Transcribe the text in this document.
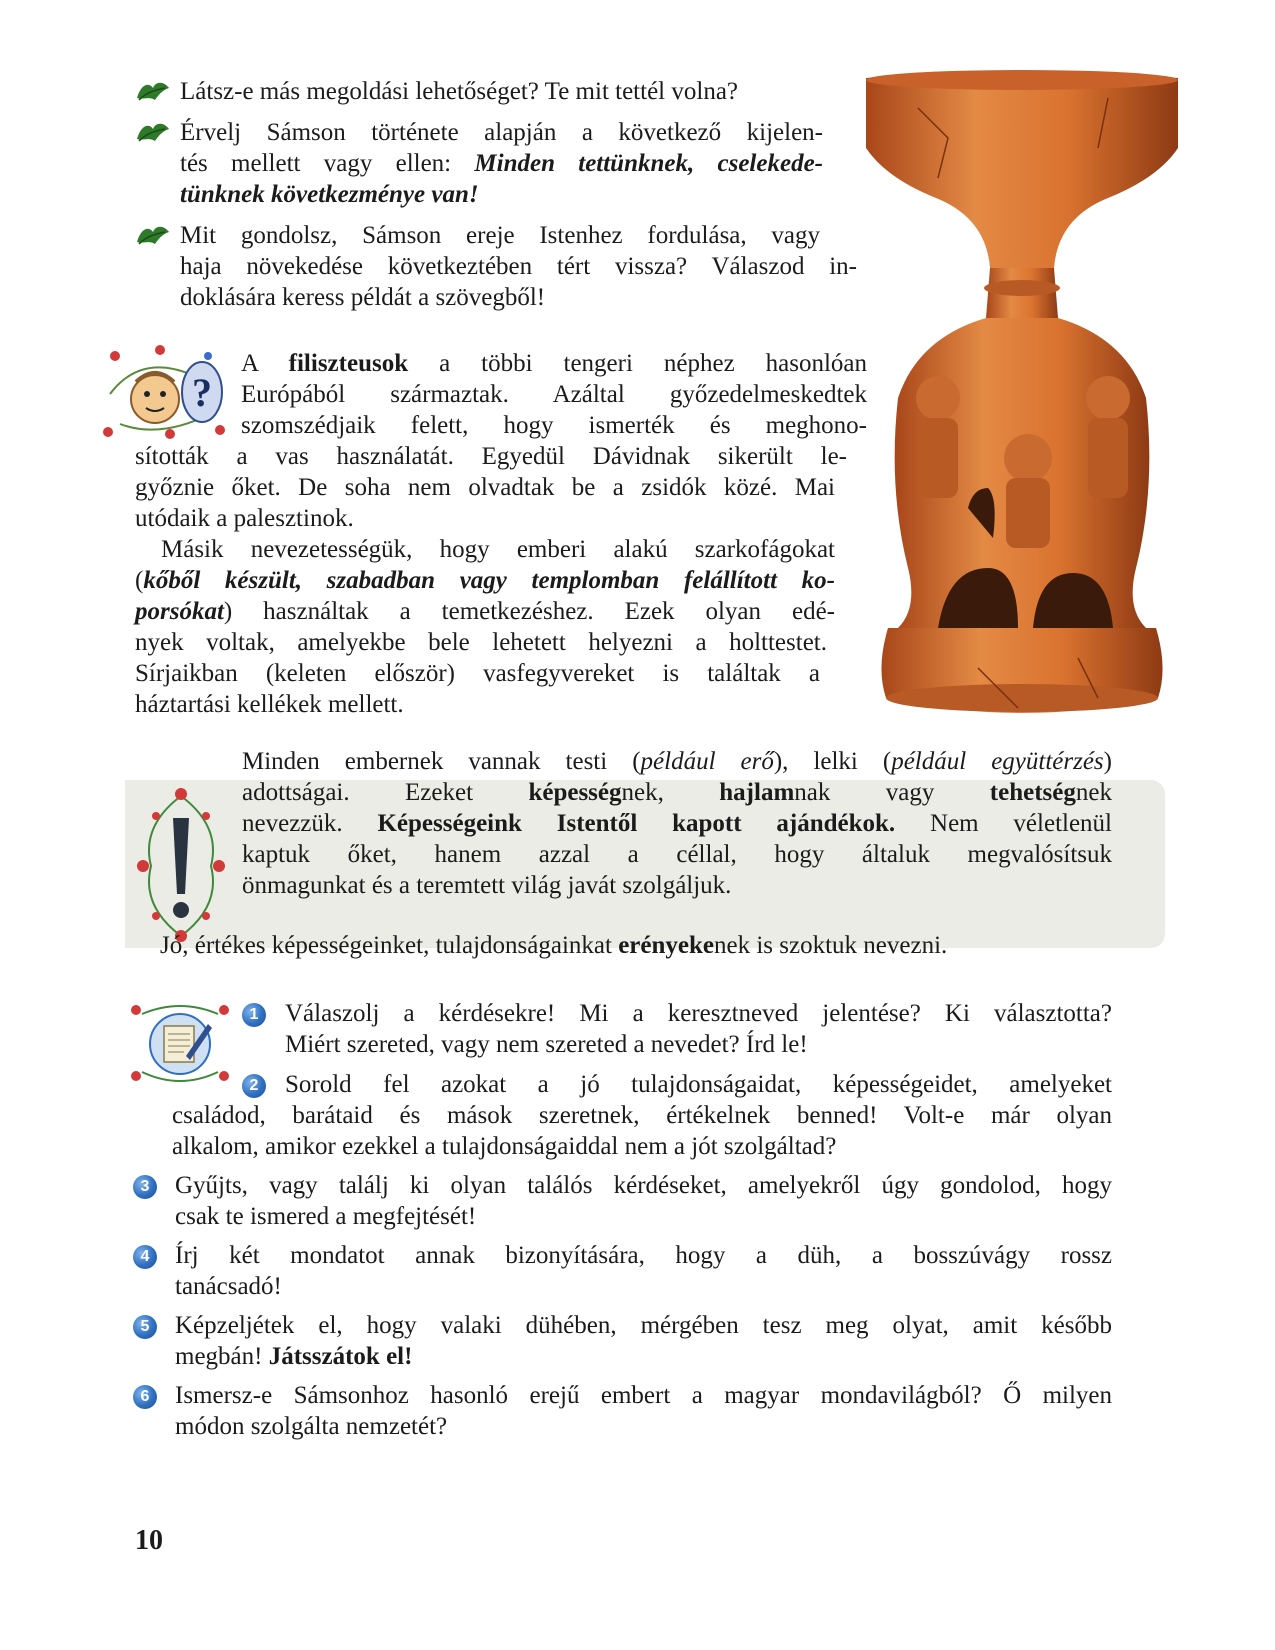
Látsz-e más megoldási lehetőséget? Te mit tettél volna?
Érvelj Sámson története alapján a következő kijelen-
tés mellett vagy ellen: Minden tettünknek, cselekede-
tünknek következménye van!
Mit gondolsz, Sámson ereje Istenhez fordulása, vagy
haja növekedése következtében tért vissza? Válaszod in-
doklására keress példát a szövegből!
?
A filiszteusok a többi tengeri néphez hasonlóan
Európából származtak. Azáltal győzedelmeskedtek
szomszédjaik felett, hogy ismerték és meghono-
sították a vas használatát. Egyedül Dávidnak sikerült le-
győznie őket. De soha nem olvadtak be a zsidók közé. Mai
utódaik a palesztinok.
Másik nevezetességük, hogy emberi alakú szarkofágokat
(kőből készült, szabadban vagy templomban felállított ko-
porsókat) használtak a temetkezéshez. Ezek olyan edé-
nyek voltak, amelyekbe bele lehetett helyezni a holttestet.
Sírjaikban (keleten először) vasfegyvereket is találtak a
háztartási kellékek mellett.
Minden embernek vannak testi (például erő), lelki (például együttérzés)
adottságai. Ezeket képességnek, hajlamnak vagy tehetségnek
nevezzük. Képességeink Istentől kapott ajándékok. Nem véletlenül
kaptuk őket, hanem azzal a céllal, hogy általuk megvalósítsuk
önmagunkat és a teremtett világ javát szolgáljuk.
Jó, értékes képességeinket, tulajdonságainkat erényekenek is szoktuk nevezni.
1	Válaszolj a kérdésekre! Mi a keresztneved jelentése? Ki választotta?
Miért szereted, vagy nem szereted a nevedet? Írd le!
2	Sorold fel azokat a jó tulajdonságaidat, képességeidet, amelyeket
családod, barátaid és mások szeretnek, értékelnek benned! Volt-e már olyan
alkalom, amikor ezekkel a tulajdonságaiddal nem a jót szolgáltad?
3	Gyűjts, vagy találj ki olyan találós kérdéseket, amelyekről úgy gondolod, hogy
csak te ismered a megfejtését!
4	Írj két mondatot annak bizonyítására, hogy a düh, a bosszúvágy rossz
tanácsadó!
5	Képzeljétek el, hogy valaki dühében, mérgében tesz meg olyat, amit később
megbán! Játsszátok el!
6	Ismersz-e Sámsonhoz hasonló erejű embert a magyar mondavilágból? Ő milyen
módon szolgálta nemzetét?
10
